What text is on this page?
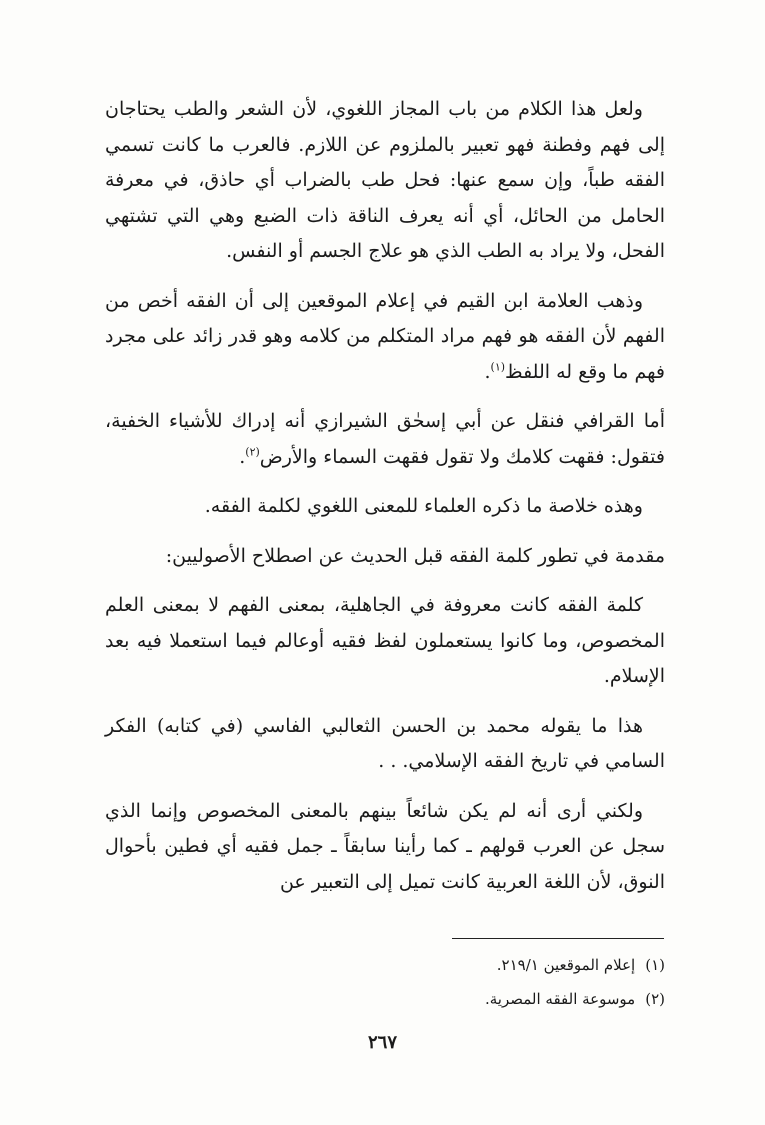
ولعل هذا الكلام من باب المجاز اللغوي، لأن الشعر والطب يحتاجان إلى فهم وفطنة فهو تعبير بالملزوم عن اللازم. فالعرب ما كانت تسمي الفقه طباً، وإن سمع عنها: فحل طب بالضراب أي حاذق، في معرفة الحامل من الحائل، أي أنه يعرف الناقة ذات الضبع وهي التي تشتهي الفحل، ولا يراد به الطب الذي هو علاج الجسم أو النفس.

وذهب العلامة ابن القيم في إعلام الموقعين إلى أن الفقه أخص من الفهم لأن الفقه هو فهم مراد المتكلم من كلامه وهو قدر زائد على مجرد فهم ما وقع له اللفظ$^{(١)}$.

أما القرافي فنقل عن أبي إسحٰق الشيرازي أنه إدراك للأشياء الخفية، فتقول: فقهت كلامك ولا تقول فقهت السماء والأرض$^{(٢)}$.

وهذه خلاصة ما ذكره العلماء للمعنى اللغوي لكلمة الفقه.

مقدمة في تطور كلمة الفقه قبل الحديث عن اصطلاح الأصوليين:

كلمة الفقه كانت معروفة في الجاهلية، بمعنى الفهم لا بمعنى العلم المخصوص، وما كانوا يستعملون لفظ فقيه أوعالم فيما استعملا فيه بعد الإسلام.

هذا ما يقوله محمد بن الحسن الثعالبي الفاسي (في كتابه) الفكر السامي في تاريخ الفقه الإسلامي. . .

ولكني أرى أنه لم يكن شائعاً بينهم بالمعنى المخصوص وإنما الذي سجل عن العرب قولهم ـ كما رأينا سابقاً ـ جمل فقيه أي فطين بأحوال النوق، لأن اللغة العربية كانت تميل إلى التعبير عن

(١)إعلام الموقعين ٢١٩/١.

(٢)موسوعة الفقه المصرية.

٢٦٧
